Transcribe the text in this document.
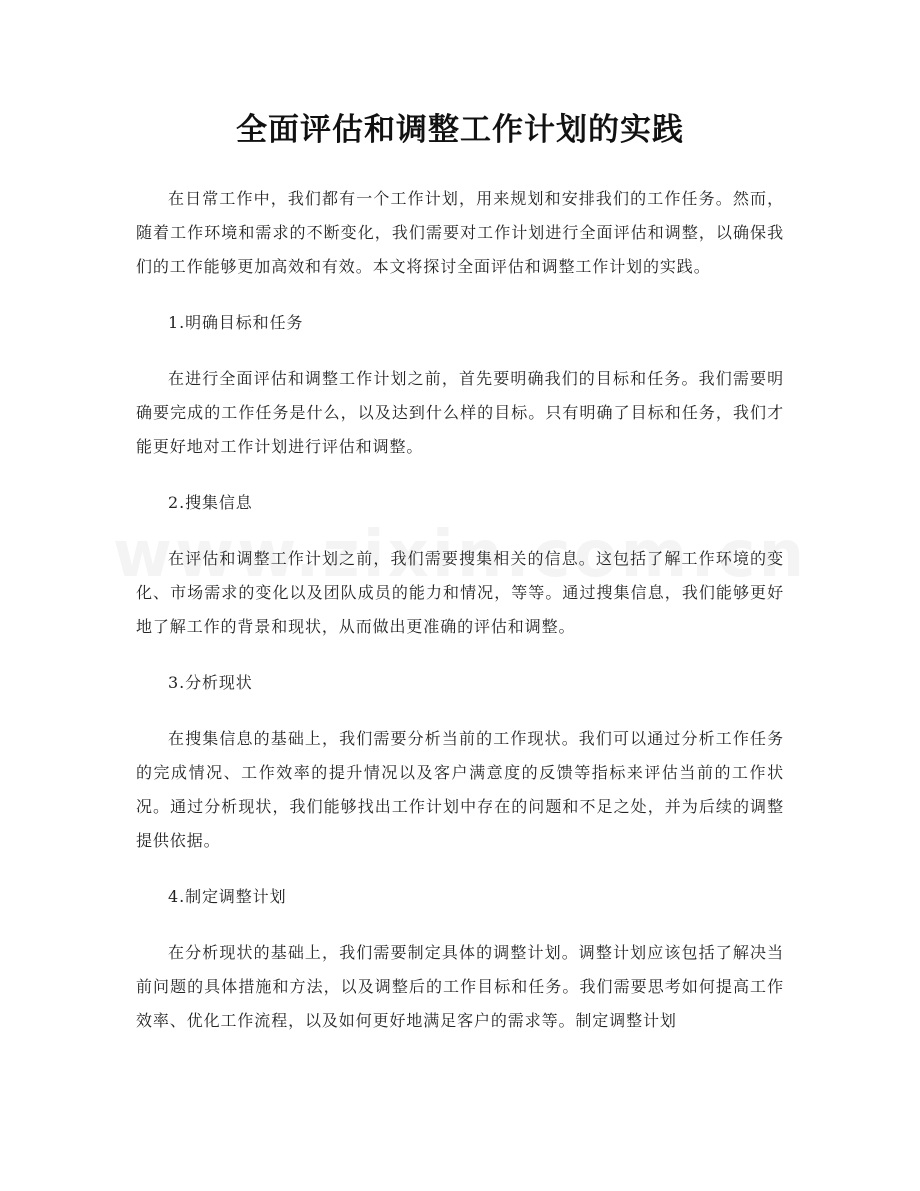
全面评估和调整工作计划的实践

在日常工作中，我们都有一个工作计划，用来规划和安排我们的工作任务。然而，随着工作环境和需求的不断变化，我们需要对工作计划进行全面评估和调整，以确保我们的工作能够更加高效和有效。本文将探讨全面评估和调整工作计划的实践。

1.明确目标和任务

在进行全面评估和调整工作计划之前，首先要明确我们的目标和任务。我们需要明确要完成的工作任务是什么，以及达到什么样的目标。只有明确了目标和任务，我们才能更好地对工作计划进行评估和调整。

2.搜集信息

在评估和调整工作计划之前，我们需要搜集相关的信息。这包括了解工作环境的变化、市场需求的变化以及团队成员的能力和情况，等等。通过搜集信息，我们能够更好地了解工作的背景和现状，从而做出更准确的评估和调整。

3.分析现状

在搜集信息的基础上，我们需要分析当前的工作现状。我们可以通过分析工作任务的完成情况、工作效率的提升情况以及客户满意度的反馈等指标来评估当前的工作状况。通过分析现状，我们能够找出工作计划中存在的问题和不足之处，并为后续的调整提供依据。

4.制定调整计划

在分析现状的基础上，我们需要制定具体的调整计划。调整计划应该包括了解决当前问题的具体措施和方法，以及调整后的工作目标和任务。我们需要思考如何提高工作效率、优化工作流程，以及如何更好地满足客户的需求等。制定调整计划
